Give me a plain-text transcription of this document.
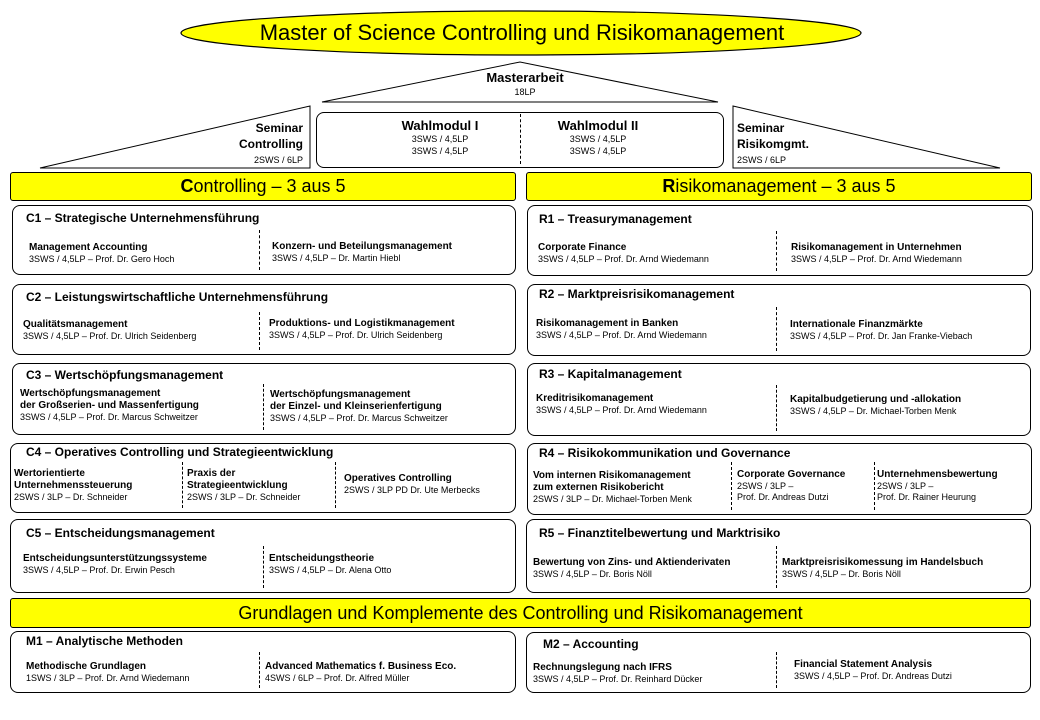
Master of Science Controlling und Risikomanagement
Masterarbeit
18LP
Wahlmodul I
3SWS / 4,5LP
3SWS / 4,5LP
Wahlmodul II
3SWS / 4,5LP
3SWS / 4,5LP
Seminar
Controlling
2SWS / 6LP
Seminar
Risikomgmt.
2SWS / 6LP
Controlling – 3 aus 5	Risikomanagement – 3 aus 5
Grundlagen und Komplemente des Controlling und Risikomanagement
C1 – Strategische Unternehmensführung
Management Accounting
3SWS / 4,5LP – Prof. Dr. Gero Hoch
Konzern- und Beteilungsmanagement
3SWS / 4,5LP – Dr. Martin Hiebl
C2 – Leistungswirtschaftliche Unternehmensführung
Qualitätsmanagement
3SWS / 4,5LP – Prof. Dr. Ulrich Seidenberg
Produktions- und Logistikmanagement
3SWS / 4,5LP – Prof. Dr. Ulrich Seidenberg
C3 – Wertschöpfungsmanagement
Wertschöpfungsmanagement
der Großserien- und Massenfertigung
3SWS / 4,5LP – Prof. Dr. Marcus Schweitzer
Wertschöpfungsmanagement
der Einzel- und Kleinserienfertigung
3SWS / 4,5LP – Prof. Dr. Marcus Schweitzer
C4 – Operatives Controlling und Strategieentwicklung
Wertorientierte
Unternehmenssteuerung
2SWS / 3LP – Dr. Schneider
Praxis der
Strategieentwicklung
2SWS / 3LP – Dr. Schneider
Operatives Controlling
2SWS / 3LP PD Dr. Ute Merbecks
C5 – Entscheidungsmanagement
Entscheidungsunterstützungssysteme
3SWS / 4,5LP – Prof. Dr. Erwin Pesch
Entscheidungstheorie
3SWS / 4,5LP – Dr. Alena Otto
R1 – Treasurymanagement
Corporate Finance
3SWS / 4,5LP – Prof. Dr. Arnd Wiedemann
Risikomanagement in Unternehmen
3SWS / 4,5LP – Prof. Dr. Arnd Wiedemann
R2 – Marktpreisrisikomanagement
Risikomanagement in Banken
3SWS / 4,5LP – Prof. Dr. Arnd Wiedemann
Internationale Finanzmärkte
3SWS / 4,5LP – Prof. Dr. Jan Franke-Viebach
R3 – Kapitalmanagement
Kreditrisikomanagement
3SWS / 4,5LP – Prof. Dr. Arnd Wiedemann
Kapitalbudgetierung und -allokation
3SWS / 4,5LP – Dr. Michael-Torben Menk
R4 – Risikokommunikation und Governance
Vom internen Risikomanagement
zum externen Risikobericht
2SWS / 3LP – Dr. Michael-Torben Menk
Corporate Governance
2SWS / 3LP –
Prof. Dr. Andreas Dutzi
Unternehmensbewertung
2SWS / 3LP –
Prof. Dr. Rainer Heurung
R5 – Finanztitelbewertung und Marktrisiko
Bewertung von Zins- und Aktienderivaten
3SWS / 4,5LP – Dr. Boris Nöll
Marktpreisrisikomessung im Handelsbuch
3SWS / 4,5LP – Dr. Boris Nöll
M1 – Analytische Methoden
Methodische Grundlagen
1SWS / 3LP – Prof. Dr. Arnd Wiedemann
Advanced Mathematics f. Business Eco.
4SWS / 6LP – Prof. Dr. Alfred Müller
M2 – Accounting
Rechnungslegung nach IFRS
3SWS / 4,5LP – Prof. Dr. Reinhard Dücker
Financial Statement Analysis
3SWS / 4,5LP – Prof. Dr. Andreas Dutzi
